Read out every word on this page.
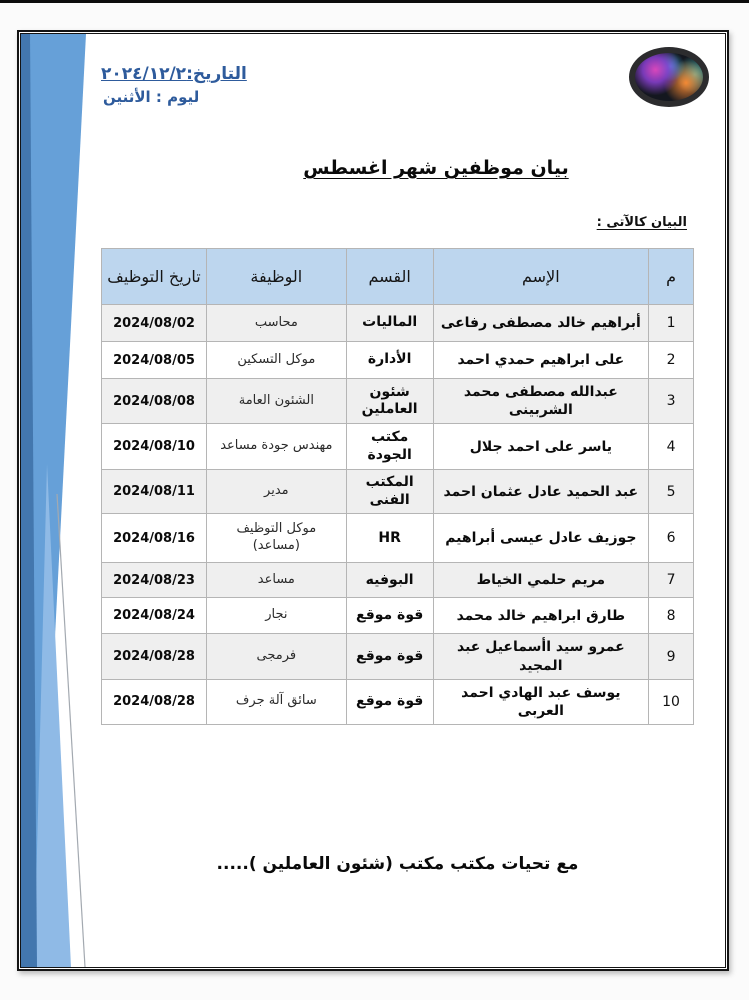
التاريخ:٢٠٢٤/١٢/٢
ليوم : الأثنين
بيان موظفين شهر اغسطس
البيان كالآتى :
م	الإسم	القسم	الوظيفة	تاريخ التوظيف
1	أبراهيم خالد مصطفى رفاعى	الماليات	محاسب	2024/08/02
2	على ابراهيم حمدي احمد	الأدارة	موكل التسكين	2024/08/05
3	عبدالله مصطفى محمد الشربينى	شئون العاملين	الشئون العامة	2024/08/08
4	ياسر على احمد جلال	مكتب الجودة	مهندس جودة مساعد	2024/08/10
5	عبد الحميد عادل عثمان احمد	المكتب الفنى	مدير	2024/08/11
6	جوزيف عادل عيسى أبراهيم	HR	موكل التوظيف (مساعد)	2024/08/16
7	مريم حلمي الخياط	البوفيه	مساعد	2024/08/23
8	طارق ابراهيم خالد محمد	قوة موقع	نجار	2024/08/24
9	عمرو سيد اأسماعيل عبد المجيد	قوة موقع	فرمجى	2024/08/28
10	يوسف عبد الهادي احمد العربى	قوة موقع	سائق آلة جرف	2024/08/28
مع تحيات مكتب مكتب (شئون العاملين ).....
